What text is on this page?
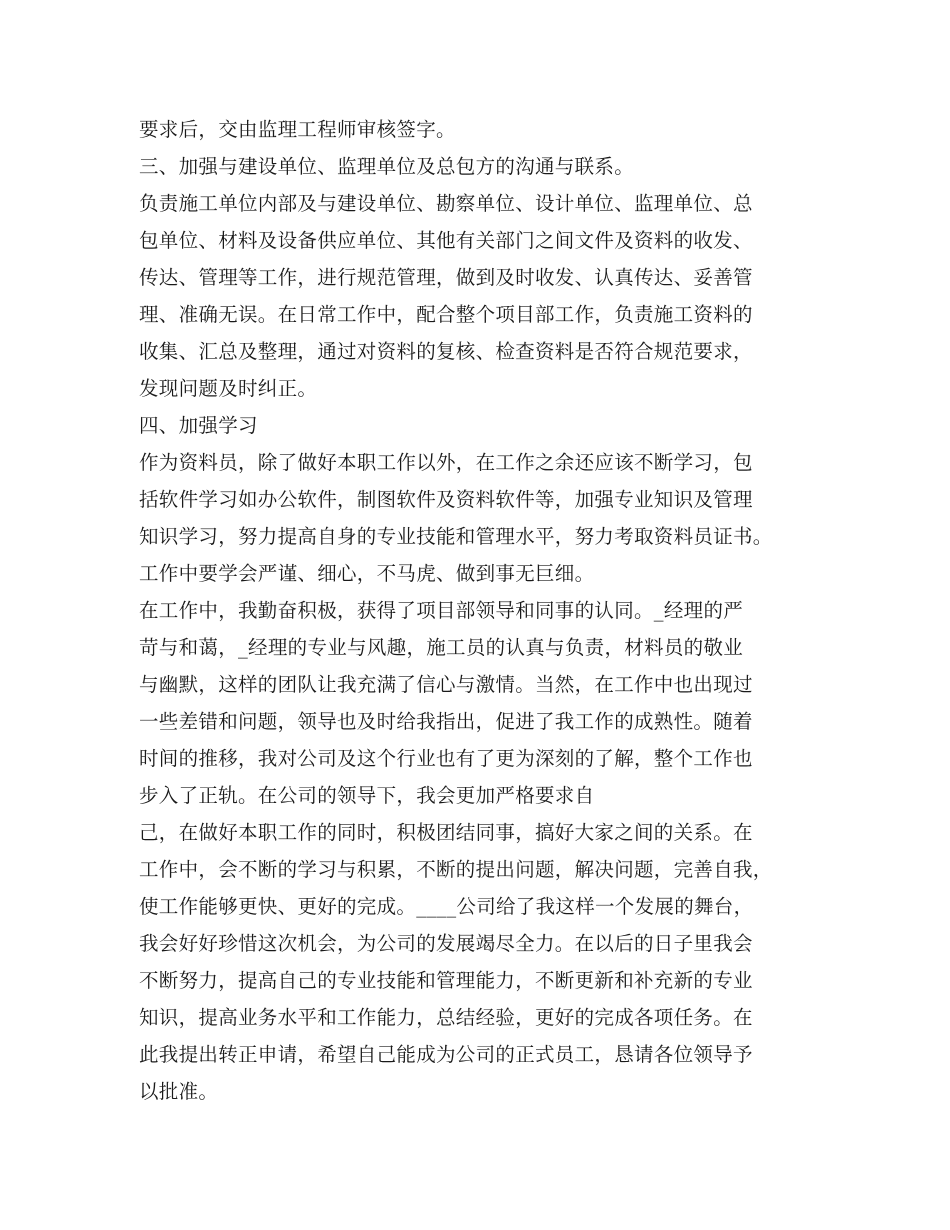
要求后，交由监理工程师审核签字。
三、加强与建设单位、监理单位及总包方的沟通与联系。
负责施工单位内部及与建设单位、勘察单位、设计单位、监理单位、总
包单位、材料及设备供应单位、其他有关部门之间文件及资料的收发、
传达、管理等工作，进行规范管理，做到及时收发、认真传达、妥善管
理、准确无误。在日常工作中，配合整个项目部工作，负责施工资料的
收集、汇总及整理，通过对资料的复核、检查资料是否符合规范要求，
发现问题及时纠正。
四、加强学习
作为资料员，除了做好本职工作以外，在工作之余还应该不断学习，包
括软件学习如办公软件，制图软件及资料软件等，加强专业知识及管理
知识学习，努力提高自身的专业技能和管理水平，努力考取资料员证书。
工作中要学会严谨、细心，不马虎、做到事无巨细。
在工作中，我勤奋积极，获得了项目部领导和同事的认同。_经理的严
苛与和蔼，_经理的专业与风趣，施工员的认真与负责，材料员的敬业
与幽默，这样的团队让我充满了信心与激情。当然，在工作中也出现过
一些差错和问题，领导也及时给我指出，促进了我工作的成熟性。随着
时间的推移，我对公司及这个行业也有了更为深刻的了解，整个工作也
步入了正轨。在公司的领导下，我会更加严格要求自
己，在做好本职工作的同时，积极团结同事，搞好大家之间的关系。在
工作中，会不断的学习与积累，不断的提出问题，解决问题，完善自我，
使工作能够更快、更好的完成。____公司给了我这样一个发展的舞台，
我会好好珍惜这次机会，为公司的发展竭尽全力。在以后的日子里我会
不断努力，提高自己的专业技能和管理能力，不断更新和补充新的专业
知识，提高业务水平和工作能力，总结经验，更好的完成各项任务。在
此我提出转正申请，希望自己能成为公司的正式员工，恳请各位领导予
以批准。
